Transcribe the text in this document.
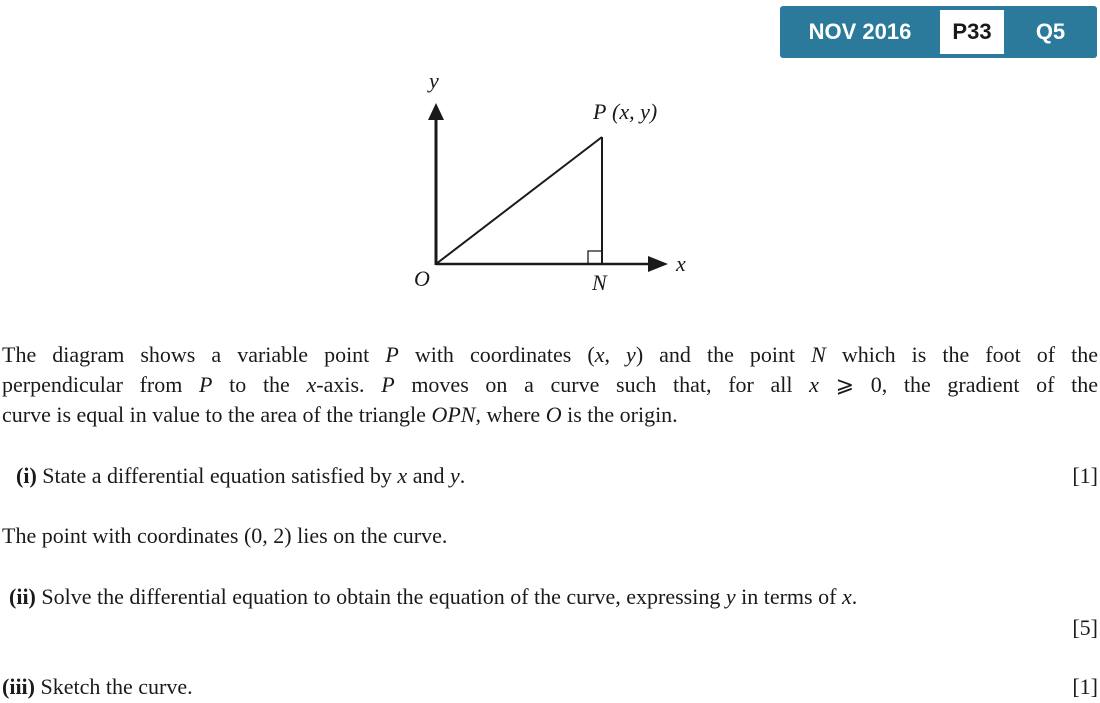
NOV 2016	P33	Q5
y
x
O
P (x, y)
N
The diagram shows a variable point P with coordinates (x, y) and the point N which is the foot of the
perpendicular from P to the x-axis. P moves on a curve such that, for all x ⩾ 0, the gradient of the
curve is equal in value to the area of the triangle OPN, where O is the origin.
(i) State a differential equation satisfied by x and y.	[1]
The point with coordinates (0, 2) lies on the curve.
(ii) Solve the differential equation to obtain the equation of the curve, expressing y in terms of x.
[5]
(iii) Sketch the curve.	[1]
